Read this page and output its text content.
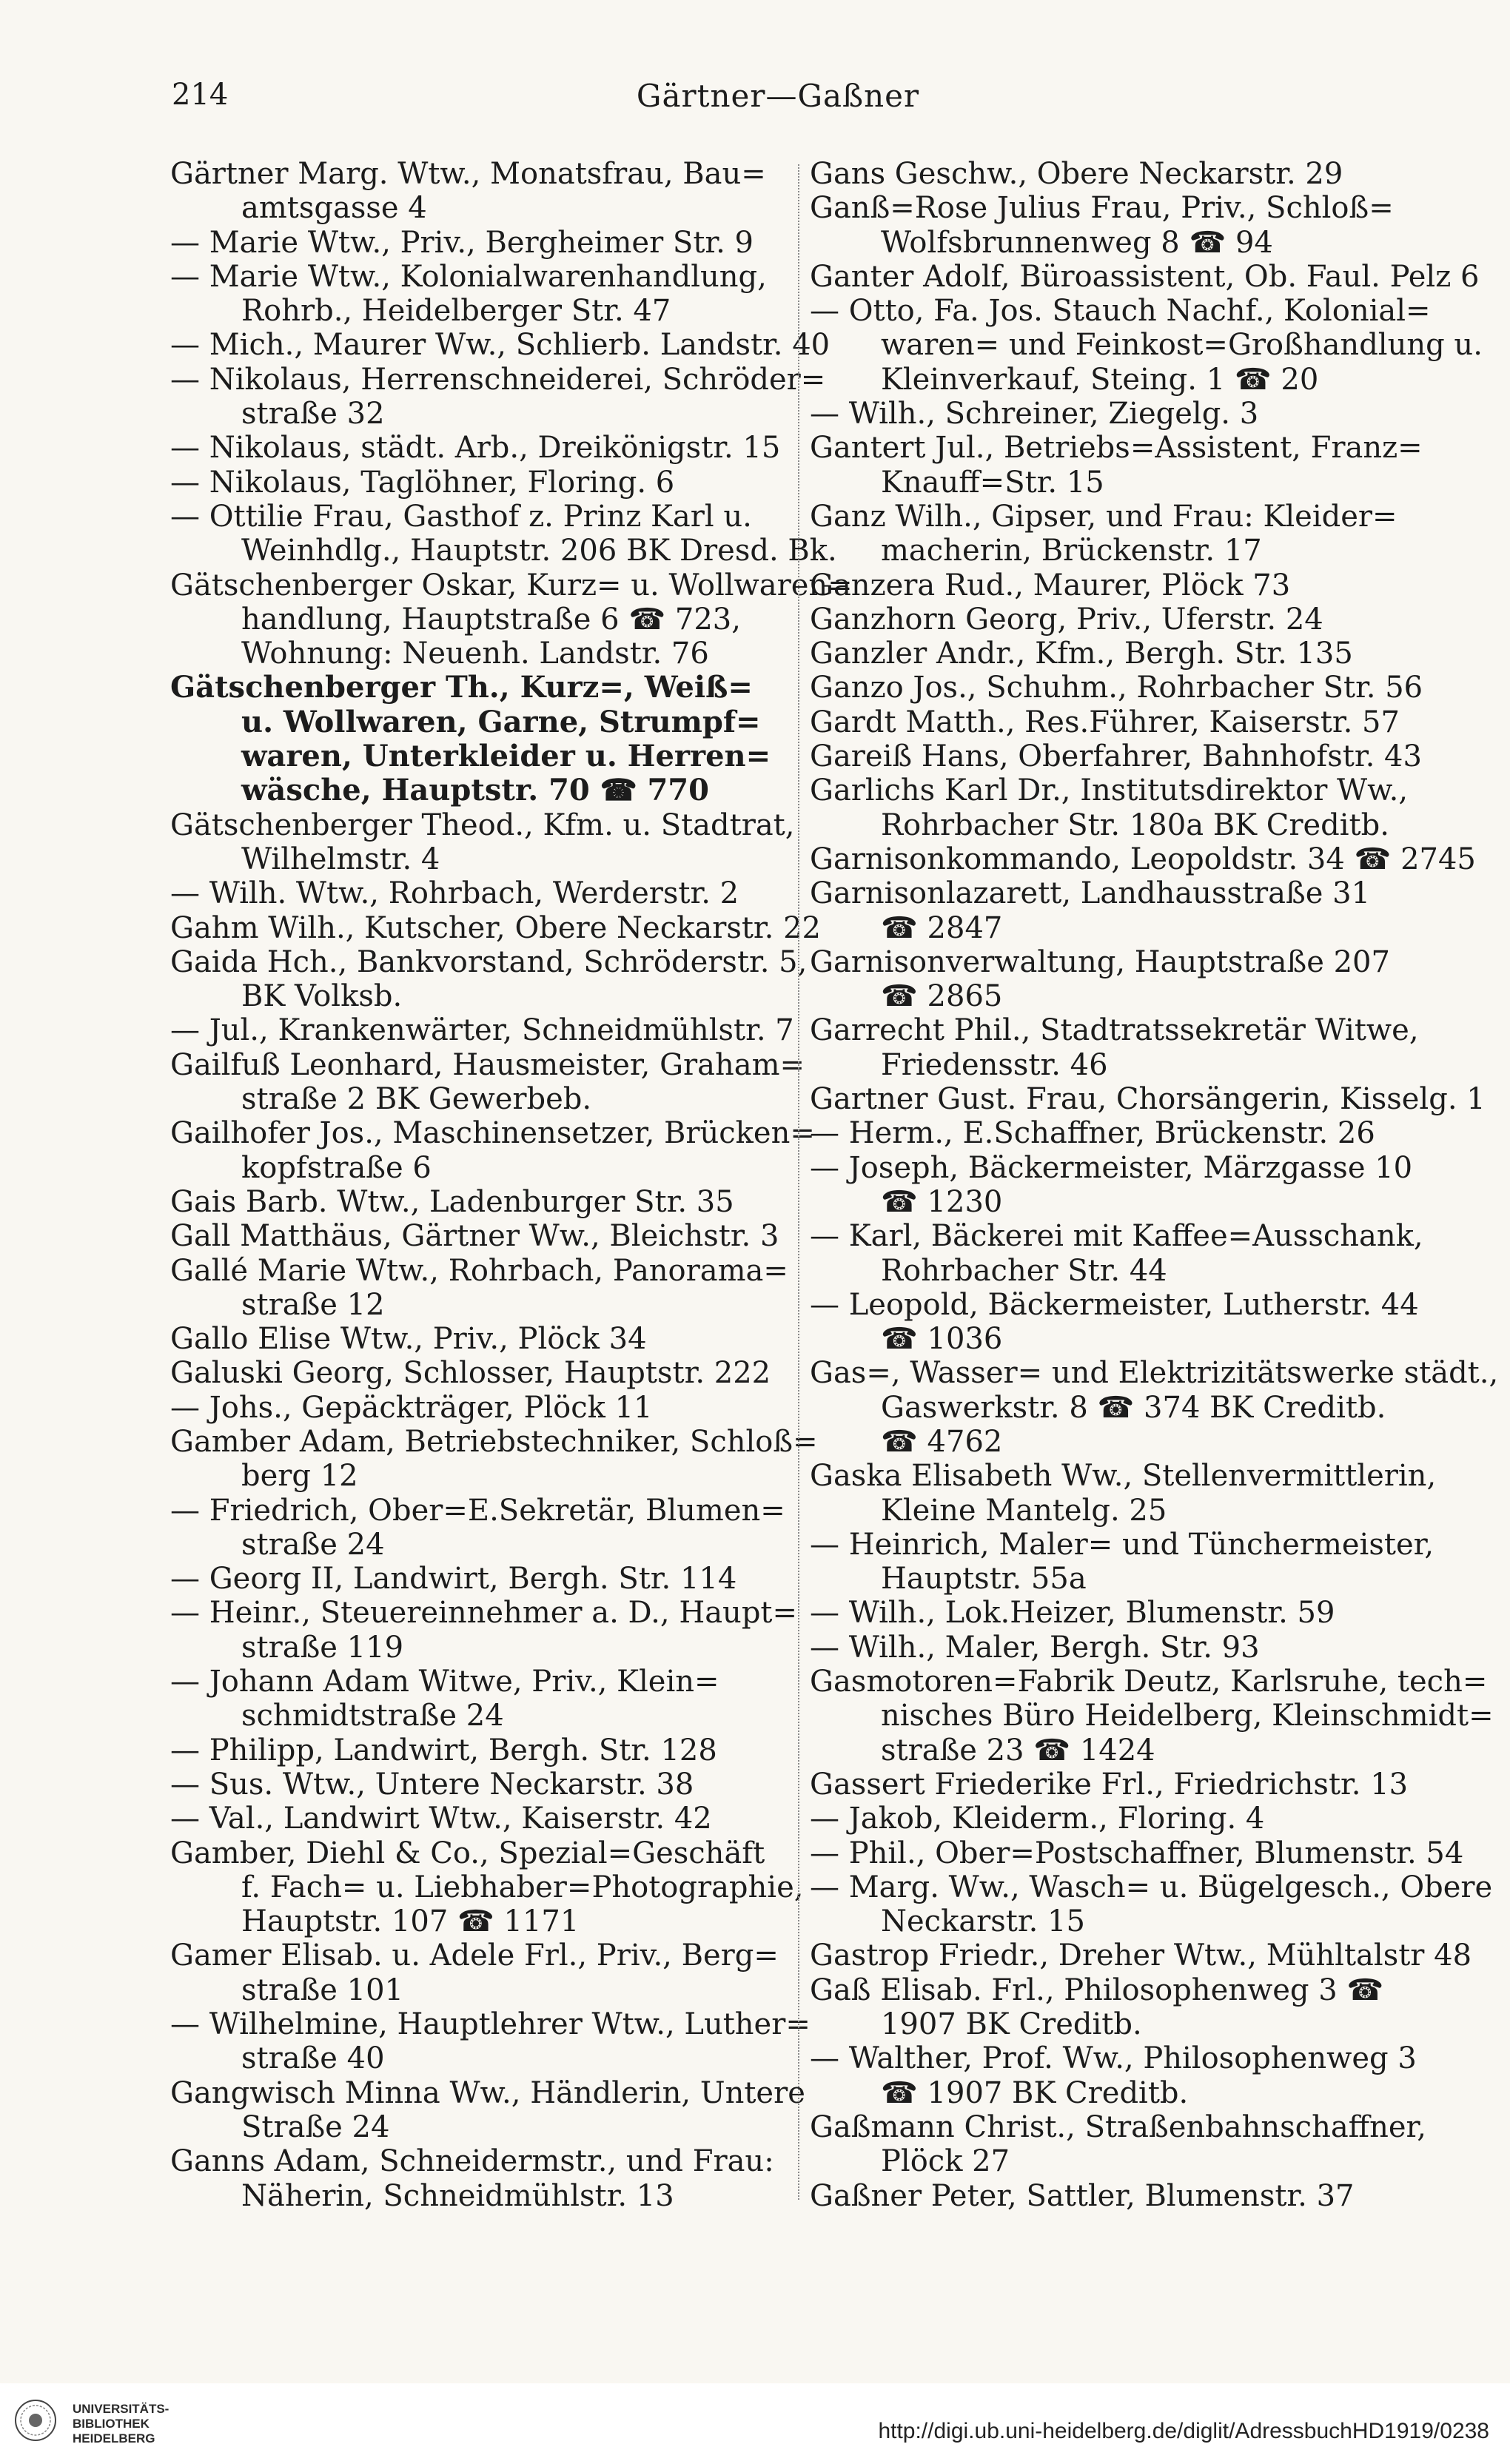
214	Gärtner—Gaßner
Gärtner Marg. Wtw., Monatsfrau, Bau=
amtsgasse 4
— Marie Wtw., Priv., Bergheimer Str. 9
— Marie Wtw., Kolonialwarenhandlung,
Rohrb., Heidelberger Str. 47
— Mich., Maurer Ww., Schlierb. Landstr. 40
— Nikolaus, Herrenschneiderei, Schröder=
straße 32
— Nikolaus, städt. Arb., Dreikönigstr. 15
— Nikolaus, Taglöhner, Floring. 6
— Ottilie Frau, Gasthof z. Prinz Karl u.
Weinhdlg., Hauptstr. 206 BK Dresd. Bk.
Gätschenberger Oskar, Kurz= u. Wollwaren=
handlung, Hauptstraße 6 ☎ 723,
Wohnung: Neuenh. Landstr. 76
Gätschenberger Th., Kurz=, Weiß=
u. Wollwaren, Garne, Strumpf=
waren, Unterkleider u. Herren=
wäsche, Hauptstr. 70 ☎ 770
Gätschenberger Theod., Kfm. u. Stadtrat,
Wilhelmstr. 4
— Wilh. Wtw., Rohrbach, Werderstr. 2
Gahm Wilh., Kutscher, Obere Neckarstr. 22
Gaida Hch., Bankvorstand, Schröderstr. 5,
BK Volksb.
— Jul., Krankenwärter, Schneidmühlstr. 7
Gailfuß Leonhard, Hausmeister, Graham=
straße 2 BK Gewerbeb.
Gailhofer Jos., Maschinensetzer, Brücken=
kopfstraße 6
Gais Barb. Wtw., Ladenburger Str. 35
Gall Matthäus, Gärtner Ww., Bleichstr. 3
Gallé Marie Wtw., Rohrbach, Panorama=
straße 12
Gallo Elise Wtw., Priv., Plöck 34
Galuski Georg, Schlosser, Hauptstr. 222
— Johs., Gepäckträger, Plöck 11
Gamber Adam, Betriebstechniker, Schloß=
berg 12
— Friedrich, Ober=E.Sekretär, Blumen=
straße 24
— Georg II, Landwirt, Bergh. Str. 114
— Heinr., Steuereinnehmer a. D., Haupt=
straße 119
— Johann Adam Witwe, Priv., Klein=
schmidtstraße 24
— Philipp, Landwirt, Bergh. Str. 128
— Sus. Wtw., Untere Neckarstr. 38
— Val., Landwirt Wtw., Kaiserstr. 42
Gamber, Diehl & Co., Spezial=Geschäft
f. Fach= u. Liebhaber=Photographie,
Hauptstr. 107 ☎ 1171
Gamer Elisab. u. Adele Frl., Priv., Berg=
straße 101
— Wilhelmine, Hauptlehrer Wtw., Luther=
straße 40
Gangwisch Minna Ww., Händlerin, Untere
Straße 24
Ganns Adam, Schneidermstr., und Frau:
Näherin, Schneidmühlstr. 13
Gans Geschw., Obere Neckarstr. 29
Ganß=Rose Julius Frau, Priv., Schloß=
Wolfsbrunnenweg 8 ☎ 94
Ganter Adolf, Büroassistent, Ob. Faul. Pelz 6
— Otto, Fa. Jos. Stauch Nachf., Kolonial=
waren= und Feinkost=Großhandlung u.
Kleinverkauf, Steing. 1 ☎ 20
— Wilh., Schreiner, Ziegelg. 3
Gantert Jul., Betriebs=Assistent, Franz=
Knauff=Str. 15
Ganz Wilh., Gipser, und Frau: Kleider=
macherin, Brückenstr. 17
Ganzera Rud., Maurer, Plöck 73
Ganzhorn Georg, Priv., Uferstr. 24
Ganzler Andr., Kfm., Bergh. Str. 135
Ganzo Jos., Schuhm., Rohrbacher Str. 56
Gardt Matth., Res.Führer, Kaiserstr. 57
Gareiß Hans, Oberfahrer, Bahnhofstr. 43
Garlichs Karl Dr., Institutsdirektor Ww.,
Rohrbacher Str. 180a BK Creditb.
Garnisonkommando, Leopoldstr. 34 ☎ 2745
Garnisonlazarett, Landhausstraße 31
☎ 2847
Garnisonverwaltung, Hauptstraße 207
☎ 2865
Garrecht Phil., Stadtratssekretär Witwe,
Friedensstr. 46
Gartner Gust. Frau, Chorsängerin, Kisselg. 1
— Herm., E.Schaffner, Brückenstr. 26
— Joseph, Bäckermeister, Märzgasse 10
☎ 1230
— Karl, Bäckerei mit Kaffee=Ausschank,
Rohrbacher Str. 44
— Leopold, Bäckermeister, Lutherstr. 44
☎ 1036
Gas=, Wasser= und Elektrizitätswerke städt.,
Gaswerkstr. 8 ☎ 374 BK Creditb.
☎ 4762
Gaska Elisabeth Ww., Stellenvermittlerin,
Kleine Mantelg. 25
— Heinrich, Maler= und Tünchermeister,
Hauptstr. 55a
— Wilh., Lok.Heizer, Blumenstr. 59
— Wilh., Maler, Bergh. Str. 93
Gasmotoren=Fabrik Deutz, Karlsruhe, tech=
nisches Büro Heidelberg, Kleinschmidt=
straße 23 ☎ 1424
Gassert Friederike Frl., Friedrichstr. 13
— Jakob, Kleiderm., Floring. 4
— Phil., Ober=Postschaffner, Blumenstr. 54
— Marg. Ww., Wasch= u. Bügelgesch., Obere
Neckarstr. 15
Gastrop Friedr., Dreher Wtw., Mühltalstr 48
Gaß Elisab. Frl., Philosophenweg 3 ☎
1907 BK Creditb.
— Walther, Prof. Ww., Philosophenweg 3
☎ 1907 BK Creditb.
Gaßmann Christ., Straßenbahnschaffner,
Plöck 27
Gaßner Peter, Sattler, Blumenstr. 37
UNIVERSITÄTS-
BIBLIOTHEK
HEIDELBERG	http://digi.ub.uni-heidelberg.de/diglit/AdressbuchHD1919/0238
